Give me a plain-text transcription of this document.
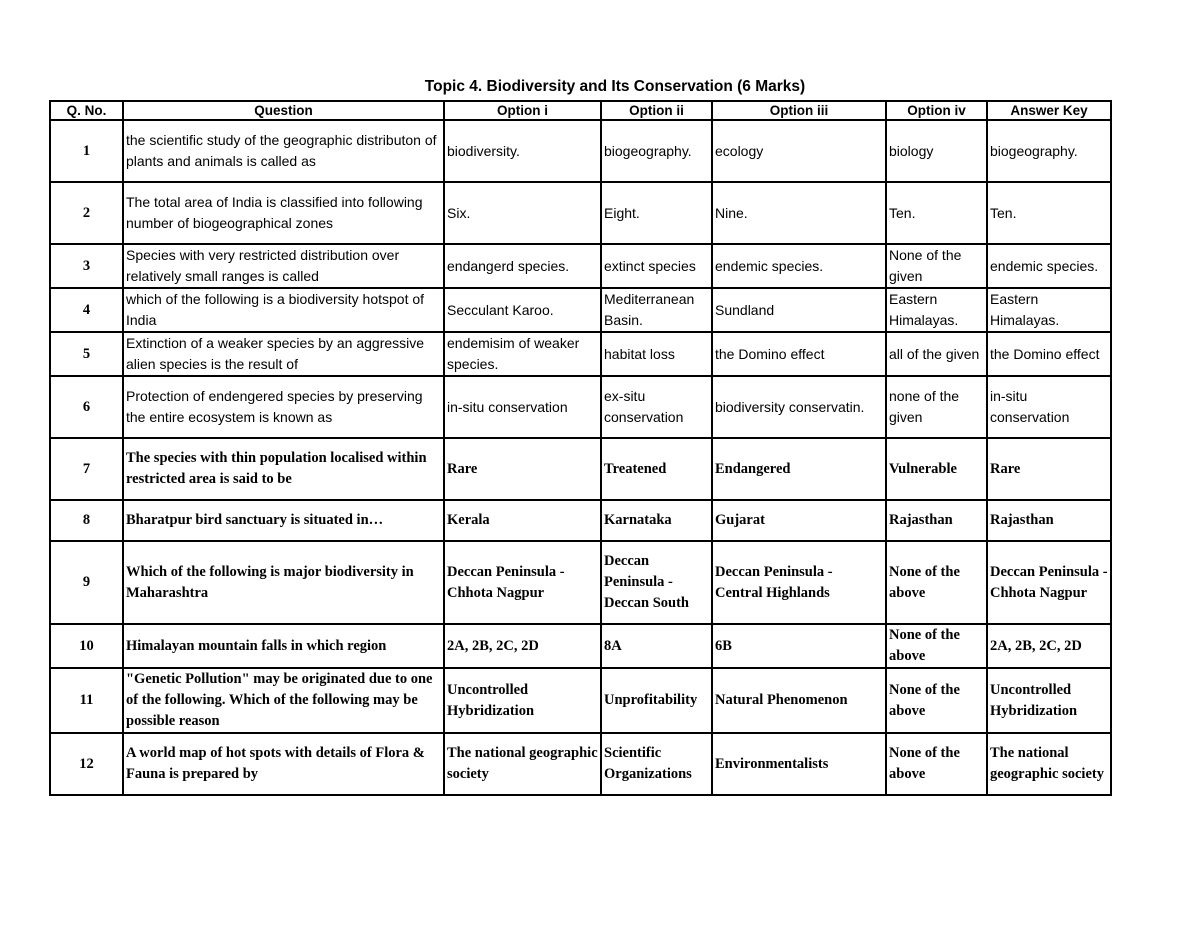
Topic 4. Biodiversity and Its Conservation (6 Marks)
Q. No.	Question	Option i	Option ii	Option iii	Option iv	Answer Key
1	the scientific study of the geographic distributon of plants and animals is called as	biodiversity.	biogeography.	ecology	biology	biogeography.
2	The total area of India is classified into following number of biogeographical zones	Six.	Eight.	Nine.	Ten.	Ten.
3	Species with very restricted distribution over relatively small ranges is called	endangerd species.	extinct species	endemic species.	None of the given	endemic species.
4	which of the following is a biodiversity hotspot of India	Secculant Karoo.	Mediterranean Basin.	Sundland	Eastern Himalayas.	Eastern Himalayas.
5	Extinction of a weaker species by an aggressive alien species is the result of	endemisim of weaker species.	habitat loss	the Domino effect	all of the given	the Domino effect
6	Protection of endengered species by preserving the entire ecosystem is known as	in-situ conservation	ex-situ conservation	biodiversity conservatin.	none of the given	in-situ conservation
7	The species with thin population localised within restricted area is said to be	Rare	Treatened	Endangered	Vulnerable	Rare
8	Bharatpur bird sanctuary is situated in…	Kerala	Karnataka	Gujarat	Rajasthan	Rajasthan
9	Which of the following is major biodiversity in Maharashtra	Deccan Peninsula - Chhota Nagpur	Deccan Peninsula - Deccan South	Deccan Peninsula - Central Highlands	None of the above	Deccan Peninsula - Chhota Nagpur
10	Himalayan mountain falls in which region	2A, 2B, 2C, 2D	8A	6B	None of the above	2A, 2B, 2C, 2D
11	"Genetic Pollution" may be originated due to one of the following. Which of the following may be possible reason	Uncontrolled Hybridization	Unprofitability	Natural Phenomenon	None of the above	Uncontrolled Hybridization
12	A world map of hot spots with details of Flora & Fauna is prepared by	The national geographic society	Scientific Organizations	Environmentalists	None of the above	The national geographic society
